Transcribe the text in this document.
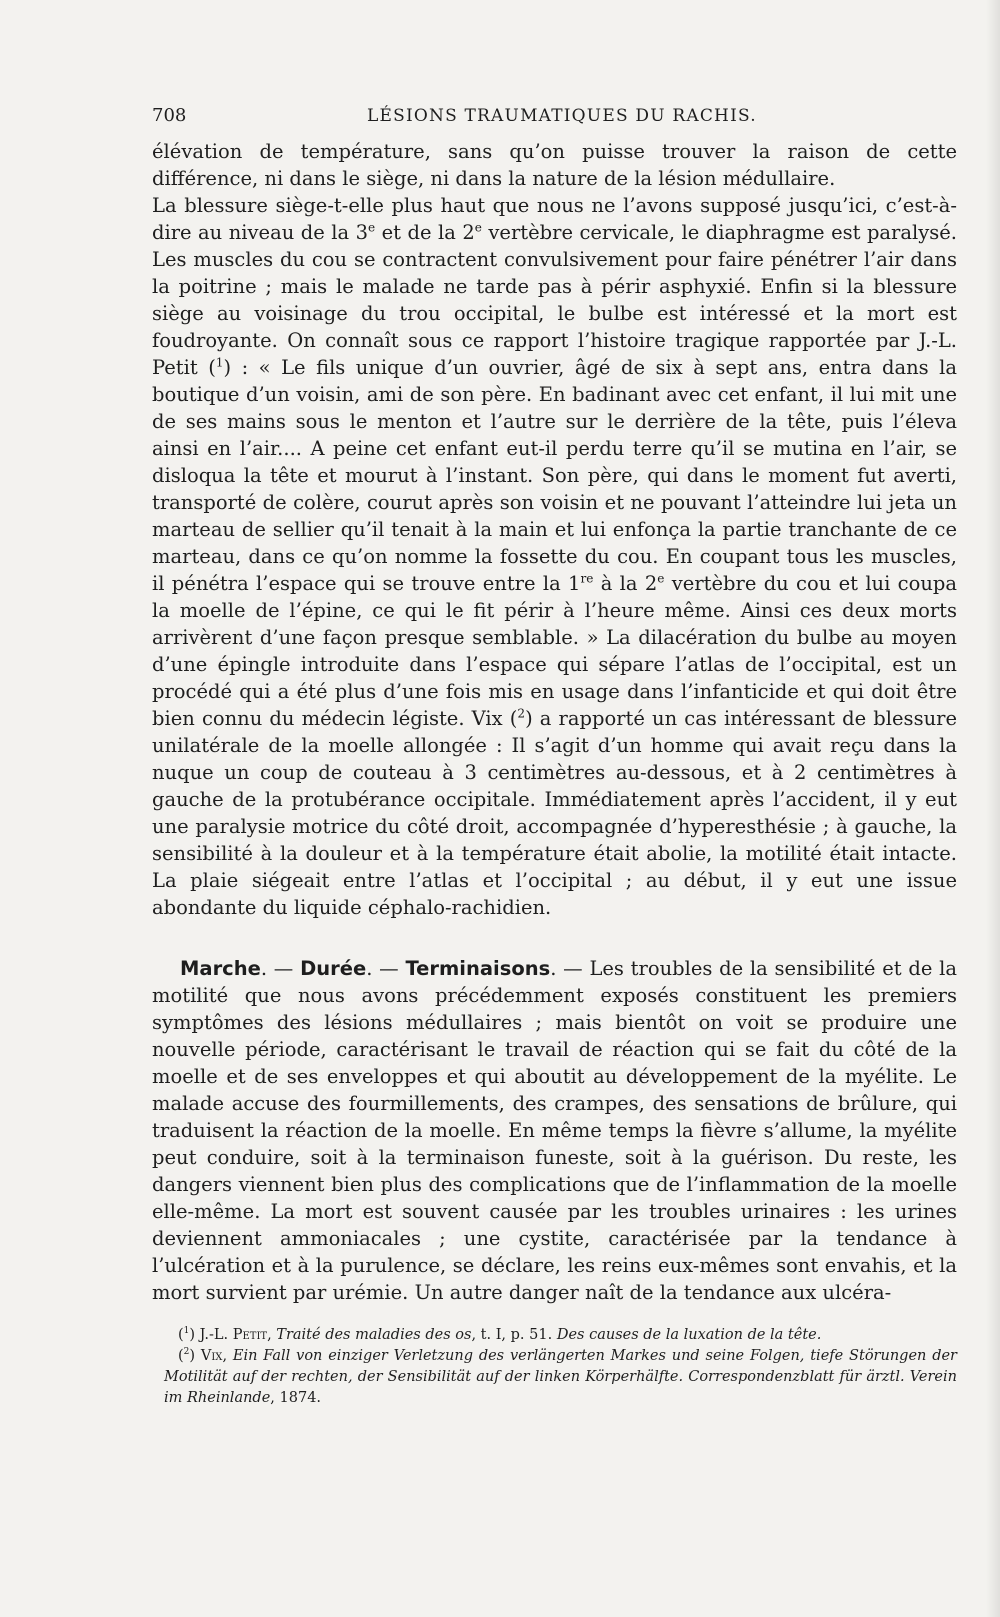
708	LÉSIONS TRAUMATIQUES DU RACHIS.

élévation de température, sans qu’on puisse trouver la raison de cette différence, ni dans le siège, ni dans la nature de la lésion médullaire.

La blessure siège-t-elle plus haut que nous ne l’avons supposé jusqu’ici, c’est-à-dire au niveau de la 3e et de la 2e vertèbre cervicale, le diaphragme est paralysé. Les muscles du cou se contractent convulsivement pour faire pénétrer l’air dans la poitrine ; mais le malade ne tarde pas à périr asphyxié. Enfin si la blessure siège au voisinage du trou occipital, le bulbe est intéressé et la mort est foudroyante. On connaît sous ce rapport l’histoire tragique rapportée par J.-L. Petit ($^1$) : « Le fils unique d’un ouvrier, âgé de six à sept ans, entra dans la boutique d’un voisin, ami de son père. En badinant avec cet enfant, il lui mit une de ses mains sous le menton et l’autre sur le derrière de la tête, puis l’éleva ainsi en l’air.... A peine cet enfant eut-il perdu terre qu’il se mutina en l’air, se disloqua la tête et mourut à l’instant. Son père, qui dans le moment fut averti, transporté de colère, courut après son voisin et ne pouvant l’atteindre lui jeta un marteau de sellier qu’il tenait à la main et lui enfonça la partie tranchante de ce marteau, dans ce qu’on nomme la fossette du cou. En coupant tous les muscles, il pénétra l’espace qui se trouve entre la 1re à la 2e vertèbre du cou et lui coupa la moelle de l’épine, ce qui le fit périr à l’heure même. Ainsi ces deux morts arrivèrent d’une façon presque semblable. » La dilacération du bulbe au moyen d’une épingle introduite dans l’espace qui sépare l’atlas de l’occipital, est un procédé qui a été plus d’une fois mis en usage dans l’infanticide et qui doit être bien connu du médecin légiste. Vix ($^2$) a rapporté un cas intéressant de blessure unilatérale de la moelle allongée : Il s’agit d’un homme qui avait reçu dans la nuque un coup de couteau à 3 centimètres au-dessous, et à 2 centimètres à gauche de la protubérance occipitale. Immédiatement après l’accident, il y eut une paralysie motrice du côté droit, accompagnée d’hyperesthésie ; à gauche, la sensibilité à la douleur et à la température était abolie, la motilité était intacte. La plaie siégeait entre l’atlas et l’occipital ; au début, il y eut une issue abondante du liquide céphalo-rachidien.

Marche. — Durée. — Terminaisons. — Les troubles de la sensibilité et de la motilité que nous avons précédemment exposés constituent les premiers symptômes des lésions médullaires ; mais bientôt on voit se produire une nouvelle période, caractérisant le travail de réaction qui se fait du côté de la moelle et de ses enveloppes et qui aboutit au développement de la myélite. Le malade accuse des fourmillements, des crampes, des sensations de brûlure, qui traduisent la réaction de la moelle. En même temps la fièvre s’allume, la myélite peut conduire, soit à la terminaison funeste, soit à la guérison. Du reste, les dangers viennent bien plus des complications que de l’inflammation de la moelle elle-même. La mort est souvent causée par les troubles urinaires : les urines deviennent ammoniacales ; une cystite, caractérisée par la tendance à l’ulcération et à la purulence, se déclare, les reins eux-mêmes sont envahis, et la mort survient par urémie. Un autre danger naît de la tendance aux ulcéra-

($^1$) J.-L. Petit, Traité des maladies des os, t. I, p. 51. Des causes de la luxation de la tête.

($^2$) Vix, Ein Fall von einziger Verletzung des verlängerten Markes und seine Folgen, tiefe Störungen der Motilität auf der rechten, der Sensibilität auf der linken Körperhälfte. Correspondenzblatt für ärztl. Verein im Rheinlande, 1874.
